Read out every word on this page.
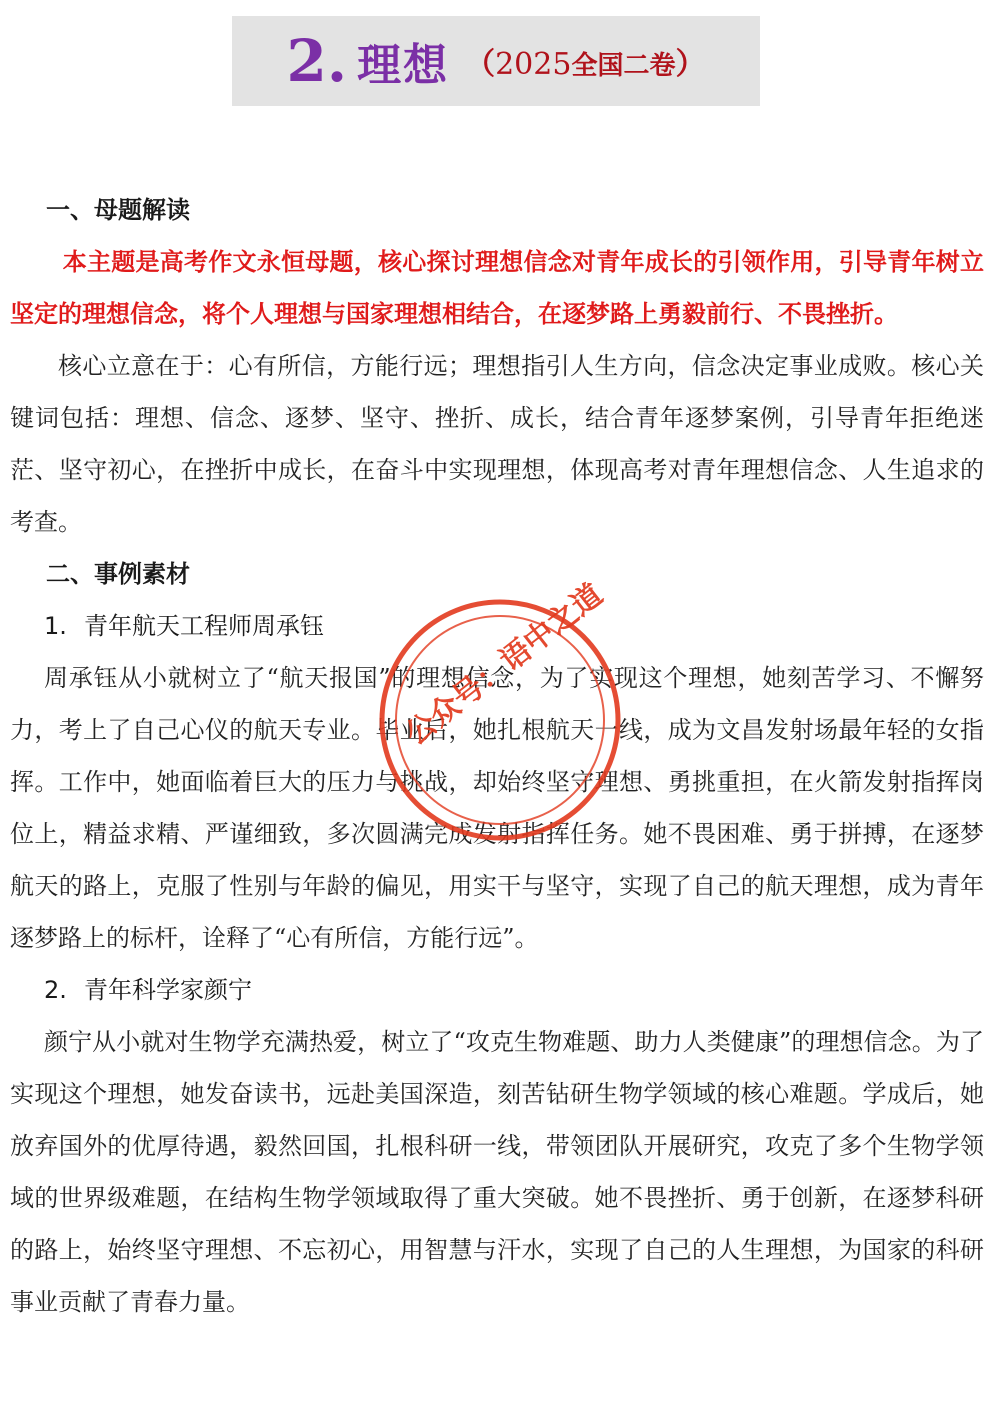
2. 理想 （2025全国二卷）

一、母题解读

本主题是高考作文永恒母题，核心探讨理想信念对青年成长的引领作用，引导青年树立坚定的理想信念，将个人理想与国家理想相结合，在逐梦路上勇毅前行、不畏挫折。

核心立意在于：心有所信，方能行远；理想指引人生方向，信念决定事业成败。核心关键词包括：理想、信念、逐梦、坚守、挫折、成长，结合青年逐梦案例，引导青年拒绝迷茫、坚守初心，在挫折中成长，在奋斗中实现理想，体现高考对青年理想信念、人生追求的考查。

二、事例素材

1. 青年航天工程师周承钰

周承钰从小就树立了“航天报国”的理想信念，为了实现这个理想，她刻苦学习、不懈努力，考上了自己心仪的航天专业。毕业后，她扎根航天一线，成为文昌发射场最年轻的女指挥。工作中，她面临着巨大的压力与挑战，却始终坚守理想、勇挑重担，在火箭发射指挥岗位上，精益求精、严谨细致，多次圆满完成发射指挥任务。她不畏困难、勇于拼搏，在逐梦航天的路上，克服了性别与年龄的偏见，用实干与坚守，实现了自己的航天理想，成为青年逐梦路上的标杆，诠释了“心有所信，方能行远”。

2. 青年科学家颜宁

颜宁从小就对生物学充满热爱，树立了“攻克生物难题、助力人类健康”的理想信念。为了实现这个理想，她发奋读书，远赴美国深造，刻苦钻研生物学领域的核心难题。学成后，她放弃国外的优厚待遇，毅然回国，扎根科研一线，带领团队开展研究，攻克了多个生物学领域的世界级难题，在结构生物学领域取得了重大突破。她不畏挫折、勇于创新，在逐梦科研的路上，始终坚守理想、不忘初心，用智慧与汗水，实现了自己的人生理想，为国家的科研事业贡献了青春力量。

公众号：语中之道
